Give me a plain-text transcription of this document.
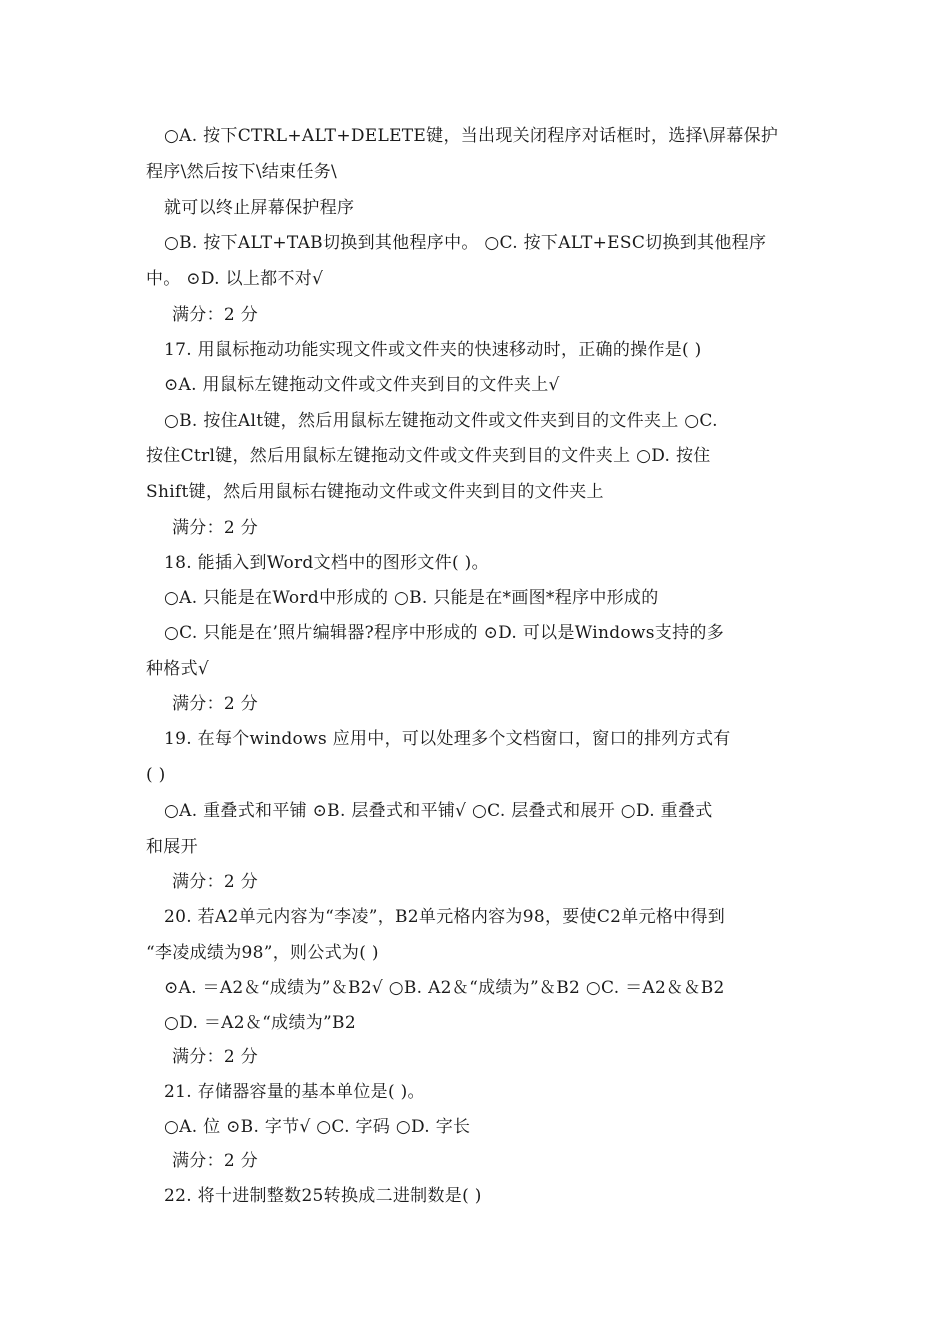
○A. 按下CTRL+ALT+DELETE键，当出现关闭程序对话框时，选择\屏幕保护
程序\然后按下\结束任务\
就可以终止屏幕保护程序
○B. 按下ALT+TAB切换到其他程序中。 ○C. 按下ALT+ESC切换到其他程序
中。 ⊙D. 以上都不对√
满分：2 分
17. 用鼠标拖动功能实现文件或文件夹的快速移动时，正确的操作是( )
⊙A. 用鼠标左键拖动文件或文件夹到目的文件夹上√
○B. 按住Alt键，然后用鼠标左键拖动文件或文件夹到目的文件夹上 ○C.
按住Ctrl键，然后用鼠标左键拖动文件或文件夹到目的文件夹上 ○D. 按住
Shift键，然后用鼠标右键拖动文件或文件夹到目的文件夹上
满分：2 分
18. 能插入到Word文档中的图形文件( )。
○A. 只能是在Word中形成的 ○B. 只能是在*画图*程序中形成的
○C. 只能是在’照片编辑器?程序中形成的 ⊙D. 可以是Windows支持的多
种格式√
满分：2 分
19. 在每个windows 应用中，可以处理多个文档窗口，窗口的排列方式有
( )
○A. 重叠式和平铺 ⊙B. 层叠式和平铺√ ○C. 层叠式和展开 ○D. 重叠式
和展开
满分：2 分
20. 若A2单元内容为“李凌”，B2单元格内容为98，要使C2单元格中得到
“李凌成绩为98”，则公式为( )
⊙A. ＝A2＆“成绩为”＆B2√ ○B. A2＆“成绩为”＆B2 ○C. ＝A2＆＆B2
○D. ＝A2＆“成绩为”B2
满分：2 分
21. 存储器容量的基本单位是( )。
○A. 位 ⊙B. 字节√ ○C. 字码 ○D. 字长
满分：2 分
22. 将十进制整数25转换成二进制数是( )
